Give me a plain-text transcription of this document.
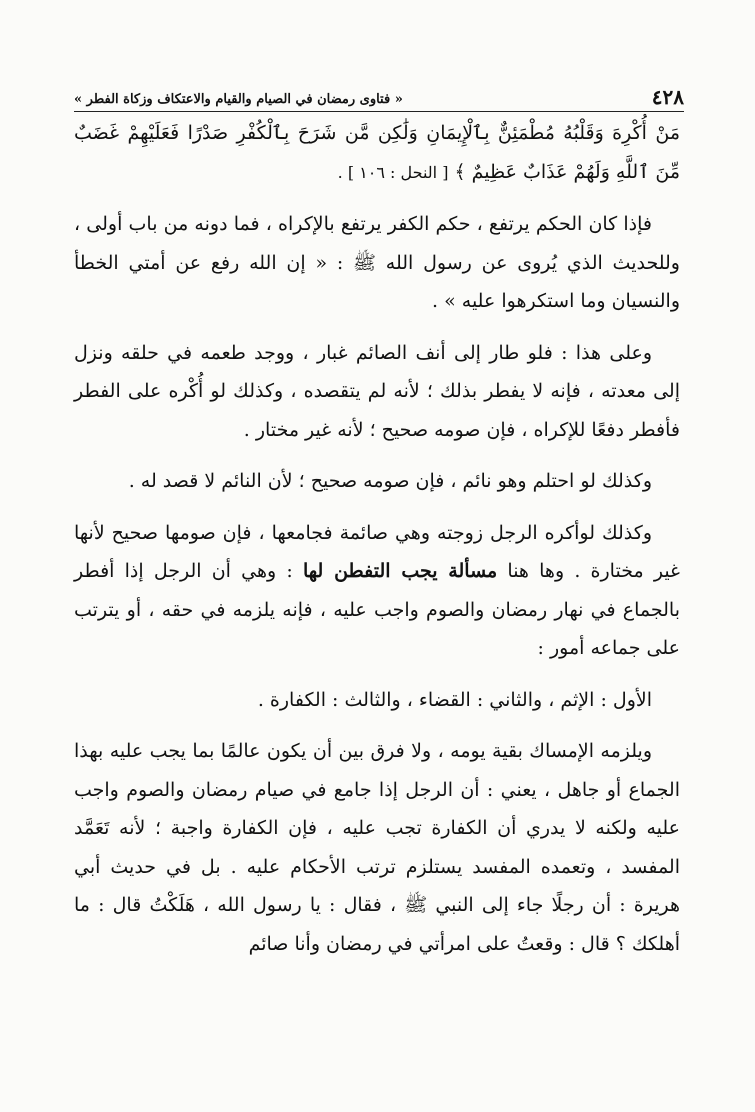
٤٢٨
« فتاوى رمضان في الصيام والقيام والاعتكاف وزكاة الفطر »

مَنْ أُكْرِهَ وَقَلْبُهُ مُطْمَئِنٌّ بِٱلْإِيمَانِ وَلَٰكِن مَّن شَرَحَ بِٱلْكُفْرِ صَدْرًا فَعَلَيْهِمْ غَضَبٌ مِّنَ ٱللَّهِ وَلَهُمْ عَذَابٌ عَظِيمٌ ﴾ [ النحل : ١٠٦ ] .

فإذا كان الحكم يرتفع ، حكم الكفر يرتفع بالإكراه ، فما دونه من باب أولى ، وللحديث الذي يُروى عن رسول الله ﷺ : « إن الله رفع عن أمتي الخطأ والنسيان وما استكرهوا عليه » .

وعلى هذا : فلو طار إلى أنف الصائم غبار ، ووجد طعمه في حلقه ونزل إلى معدته ، فإنه لا يفطر بذلك ؛ لأنه لم يتقصده ، وكذلك لو أُكْره على الفطر فأفطر دفعًا للإكراه ، فإن صومه صحيح ؛ لأنه غير مختار .

وكذلك لو احتلم وهو نائم ، فإن صومه صحيح ؛ لأن النائم لا قصد له .

وكذلك لوأكره الرجل زوجته وهي صائمة فجامعها ، فإن صومها صحيح لأنها غير مختارة . وها هنا مسألة يجب التفطن لها : وهي أن الرجل إذا أفطر بالجماع في نهار رمضان والصوم واجب عليه ، فإنه يلزمه في حقه ، أو يترتب على جماعه أمور :

الأول : الإثم ، والثاني : القضاء ، والثالث : الكفارة .

ويلزمه الإمساك بقية يومه ، ولا فرق بين أن يكون عالمًا بما يجب عليه بهذا الجماع أو جاهل ، يعني : أن الرجل إذا جامع في صيام رمضان والصوم واجب عليه ولكنه لا يدري أن الكفارة تجب عليه ، فإن الكفارة واجبة ؛ لأنه تَعَمَّد المفسد ، وتعمده المفسد يستلزم ترتب الأحكام عليه . بل في حديث أبي هريرة : أن رجلًا جاء إلى النبي ﷺ ، فقال : يا رسول الله ، هَلَكْتُ قال : ما أهلكك ؟ قال : وقعتُ على امرأتي في رمضان وأنا صائم
